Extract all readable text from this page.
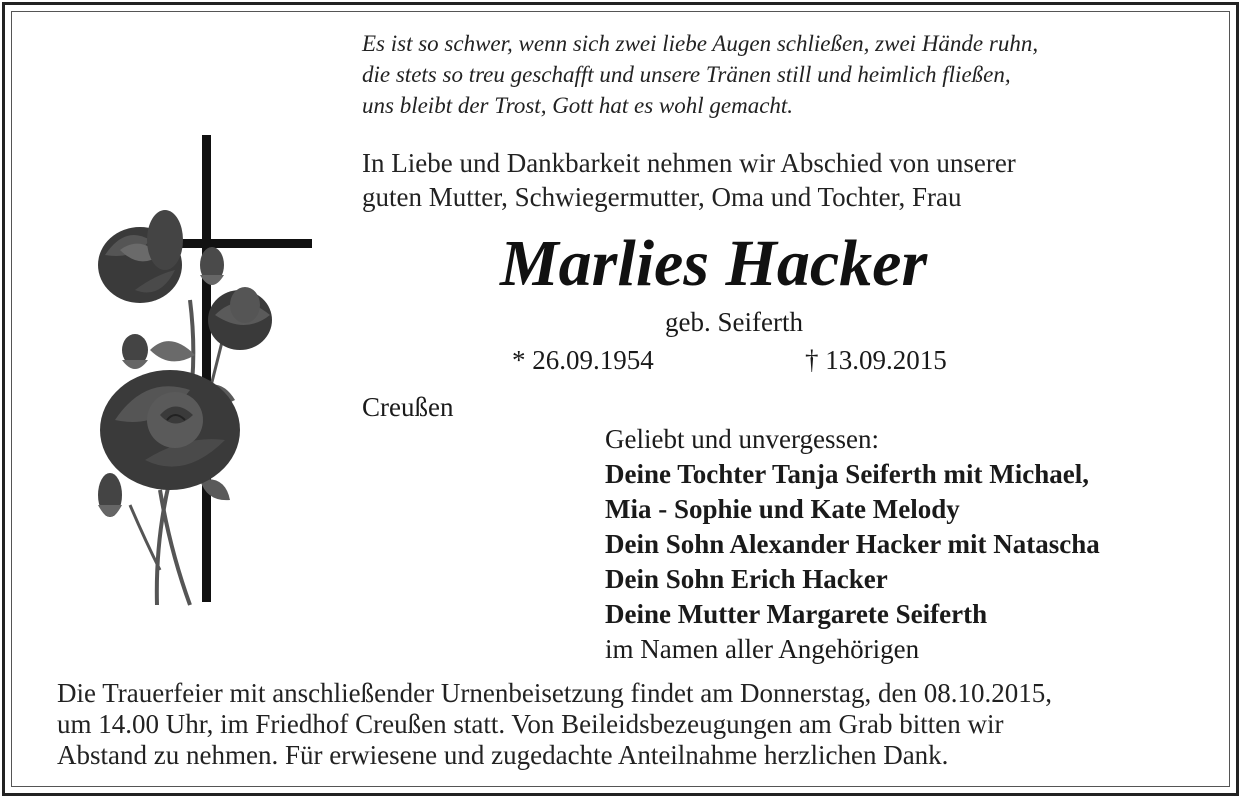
Es ist so schwer, wenn sich zwei liebe Augen schließen, zwei Hände ruhn,
die stets so treu geschafft und unsere Tränen still und heimlich fließen,
uns bleibt der Trost, Gott hat es wohl gemacht.
In Liebe und Dankbarkeit nehmen wir Abschied von unserer
guten Mutter, Schwiegermutter, Oma und Tochter, Frau
Marlies Hacker
geb. Seiferth
* 26.09.1954	† 13.09.2015
Creußen
Geliebt und unvergessen:
Deine Tochter Tanja Seiferth mit Michael,
Mia - Sophie und Kate Melody
Dein Sohn Alexander Hacker mit Natascha
Dein Sohn Erich Hacker
Deine Mutter Margarete Seiferth
im Namen aller Angehörigen
Die Trauerfeier mit anschließender Urnenbeisetzung findet am Donnerstag, den 08.10.2015,
um 14.00 Uhr, im Friedhof Creußen statt. Von Beileidsbezeugungen am Grab bitten wir
Abstand zu nehmen. Für erwiesene und zugedachte Anteilnahme herzlichen Dank.
